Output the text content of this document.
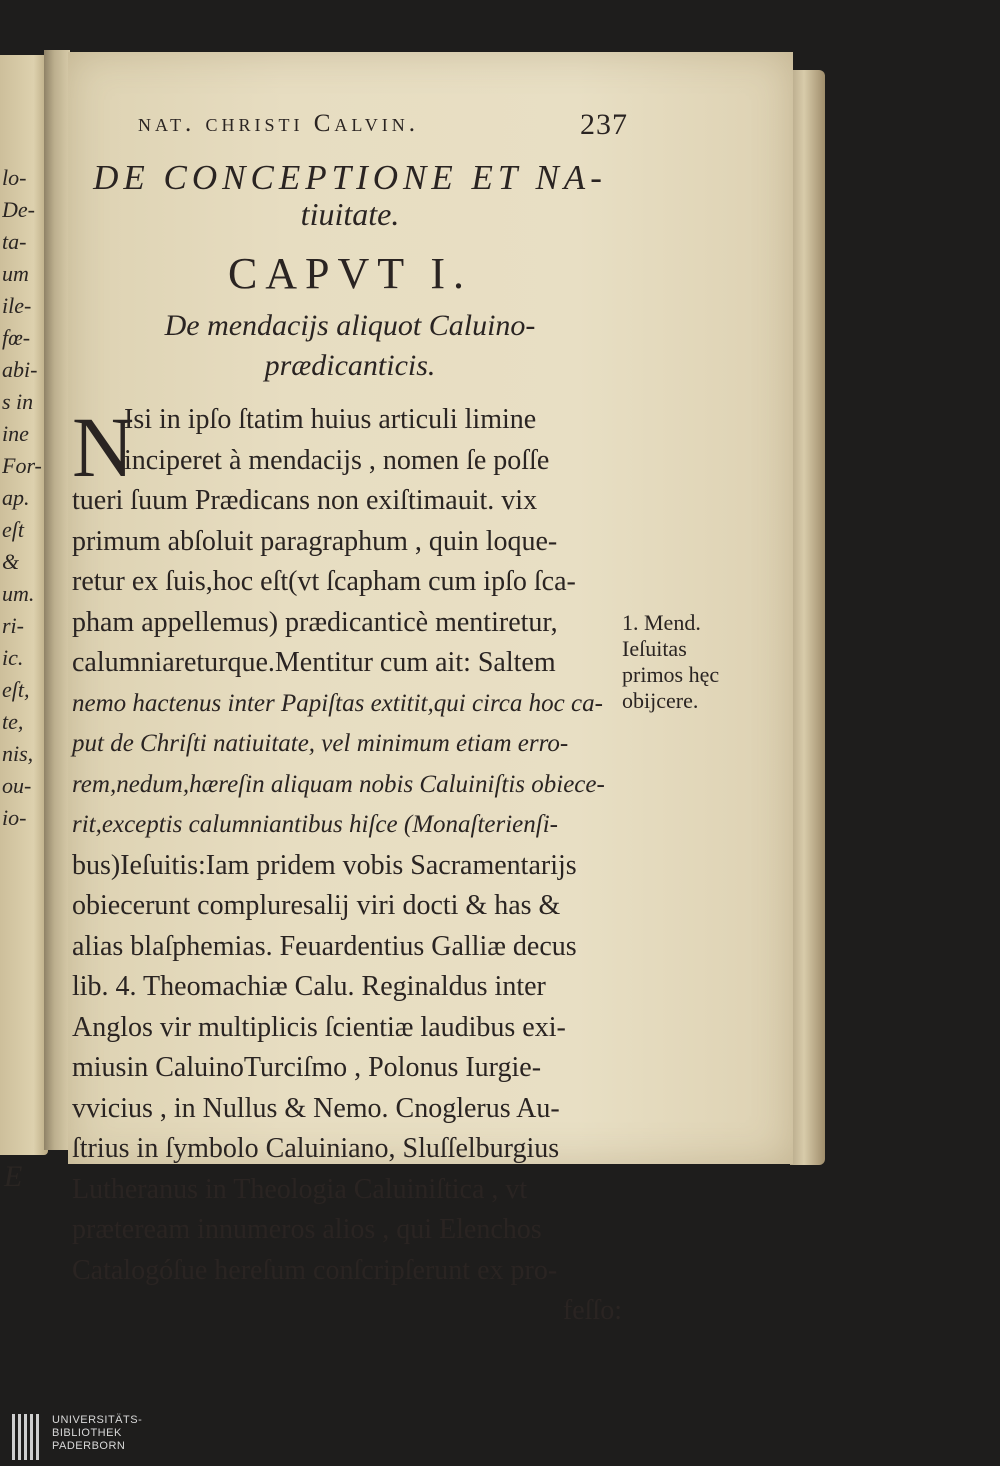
lo-
De-
ta-
um
ile-
fœ-
abi-
s in
ine
For-
ap.
eſt
&
um.
ri-
ic.
eſt,
te,
nis,
ou-
io-
E
nat. christi Calvin.	237
DE CONCEPTIONE ET NA-
tiuitate.
CAPVT I.
De mendacijs aliquot Caluino-
prædicanticis.
N
Isi in ipſo ſtatim huius articuli limine
inciperet à mendacijs , nomen ſe poſſe
tueri ſuum Prædicans non exiſtimauit. vix
primum abſoluit paragraphum , quin loque-
retur ex ſuis,hoc eſt(vt ſcapham cum ipſo ſca-
pham appellemus) prædicanticè mentiretur,
calumniareturque.Mentitur cum ait: Saltem
nemo hactenus inter Papiſtas extitit,qui circa hoc ca-
put de Chriſti natiuitate, vel minimum etiam erro-
rem,nedum,hæreſin aliquam nobis Caluiniſtis obiece-
rit,exceptis calumniantibus hiſce (Monaſterienſi-
bus)Ieſuitis:Iam pridem vobis Sacramentarijs
obiecerunt compluresalij viri docti & has &
alias blaſphemias. Feuardentius Galliæ decus
lib. 4. Theomachiæ Calu. Reginaldus inter
Anglos vir multiplicis ſcientiæ laudibus exi-
miusin CaluinoTurciſmo , Polonus Iurgie-
vvicius , in Nullus & Nemo. Cnoglerus Au-
ſtrius in ſymbolo Caluiniano, Sluſſelburgius
Lutheranus in Theologia Caluiniſtica , vt
præteream innumeros alios , qui Elenchos
Catalogóſue hereſum conſcripſerunt ex pro-
feſſo:
1. Mend.
Ieſuitas
primos hęc
obijcere.
UNIVERSITÄTS-
BIBLIOTHEK
PADERBORN
